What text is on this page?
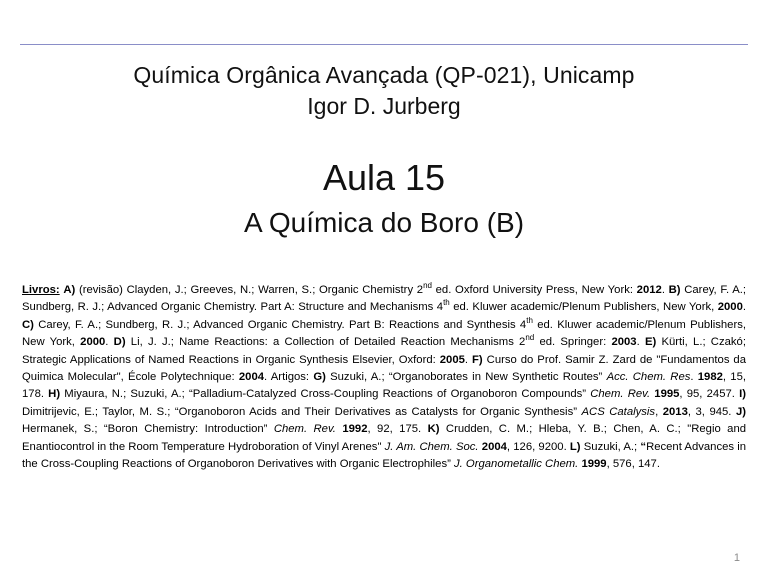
Química Orgânica Avançada (QP-021), Unicamp
Igor D. Jurberg
Aula 15
A Química do Boro (B)
Livros: A) (revisão) Clayden, J.; Greeves, N.; Warren, S.; Organic Chemistry 2nd ed. Oxford University Press, New York: 2012. B) Carey, F. A.; Sundberg, R. J.; Advanced Organic Chemistry. Part A: Structure and Mechanisms 4th ed. Kluwer academic/Plenum Publishers, New York, 2000. C) Carey, F. A.; Sundberg, R. J.; Advanced Organic Chemistry. Part B: Reactions and Synthesis 4th ed. Kluwer academic/Plenum Publishers, New York, 2000. D) Li, J. J.; Name Reactions: a Collection of Detailed Reaction Mechanisms 2nd ed. Springer: 2003. E) Kürti, L.; Czakó; Strategic Applications of Named Reactions in Organic Synthesis Elsevier, Oxford: 2005. F) Curso do Prof. Samir Z. Zard de "Fundamentos da Quimica Molecular", École Polytechnique: 2004. Artigos: G) Suzuki, A.; “Organoborates in New Synthetic Routes” Acc. Chem. Res. 1982, 15, 178. H) Miyaura, N.; Suzuki, A.; “Palladium-Catalyzed Cross-Coupling Reactions of Organoboron Compounds” Chem. Rev. 1995, 95, 2457. I) Dimitrijevic, E.; Taylor, M. S.; “Organoboron Acids and Their Derivatives as Catalysts for Organic Synthesis” ACS Catalysis, 2013, 3, 945. J) Hermanek, S.; “Boron Chemistry: Introduction” Chem. Rev. 1992, 92, 175. K) Crudden, C. M.; Hleba, Y. B.; Chen, A. C.; "Regio and Enantiocontrol in the Room Temperature Hydroboration of Vinyl Arenes" J. Am. Chem. Soc. 2004, 126, 9200. L) Suzuki, A.; “Recent Advances in the Cross-Coupling Reactions of Organoboron Derivatives with Organic Electrophiles” J. Organometallic Chem. 1999, 576, 147.
1
